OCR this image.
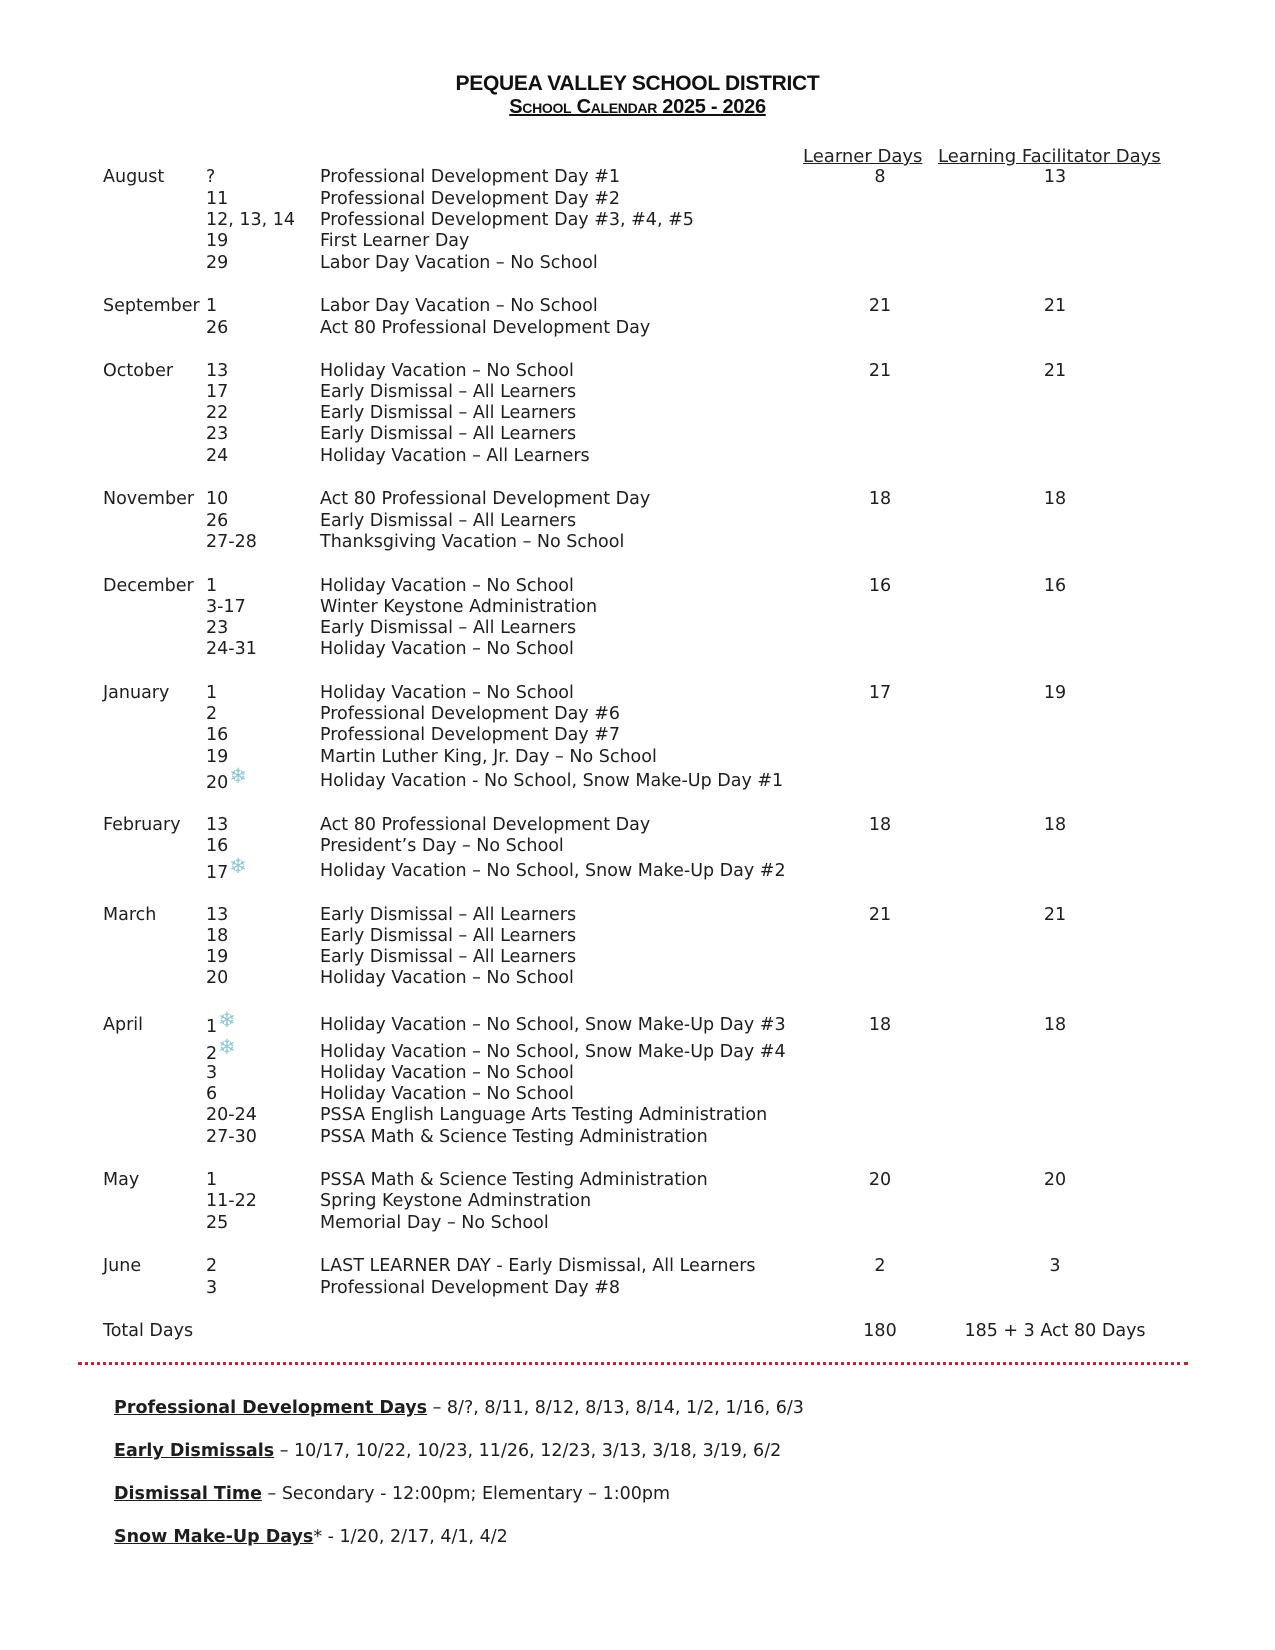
PEQUEA VALLEY SCHOOL DISTRICT
School Calendar 2025 - 2026
Learner Days Learning Facilitator Days
August ?	Professional Development Day #1	8	13
11	Professional Development Day #2
12, 13, 14 Professional Development Day #3, #4, #5
19	First Learner Day
29	Labor Day Vacation – No School
September 1	Labor Day Vacation – No School	21	21
26	Act 80 Professional Development Day
October 13	Holiday Vacation – No School	21	21
17	Early Dismissal – All Learners
22	Early Dismissal – All Learners
23	Early Dismissal – All Learners
24	Holiday Vacation – All Learners
November 10	Act 80 Professional Development Day	18	18
26	Early Dismissal – All Learners
27-28	Thanksgiving Vacation – No School
December 1	Holiday Vacation – No School	16	16
3-17	Winter Keystone Administration
23	Early Dismissal – All Learners
24-31	Holiday Vacation – No School
January 1	Holiday Vacation – No School	17	19
2	Professional Development Day #6
16	Professional Development Day #7
19	Martin Luther King, Jr. Day – No School
20❄	Holiday Vacation - No School, Snow Make-Up Day #1
February 13	Act 80 Professional Development Day	18	18
16	President’s Day – No School
17❄	Holiday Vacation – No School, Snow Make-Up Day #2
March	13	Early Dismissal – All Learners	21	21
18	Early Dismissal – All Learners
19	Early Dismissal – All Learners
20	Holiday Vacation – No School
April	1❄	Holiday Vacation – No School, Snow Make-Up Day #3	18	18
2❄	Holiday Vacation – No School, Snow Make-Up Day #4
3	Holiday Vacation – No School
6	Holiday Vacation – No School
20-24	PSSA English Language Arts Testing Administration
27-30	PSSA Math & Science Testing Administration
May	1	PSSA Math & Science Testing Administration	20	20
11-22	Spring Keystone Adminstration
25	Memorial Day – No School
June	2	LAST LEARNER DAY - Early Dismissal, All Learners	2	3
3	Professional Development Day #8
Total Days	180	185 + 3 Act 80 Days
Professional Development Days – 8/?, 8/11, 8/12, 8/13, 8/14, 1/2, 1/16, 6/3
Early Dismissals – 10/17, 10/22, 10/23, 11/26, 12/23, 3/13, 3/18, 3/19, 6/2
Dismissal Time – Secondary - 12:00pm; Elementary – 1:00pm
Snow Make-Up Days* - 1/20, 2/17, 4/1, 4/2
